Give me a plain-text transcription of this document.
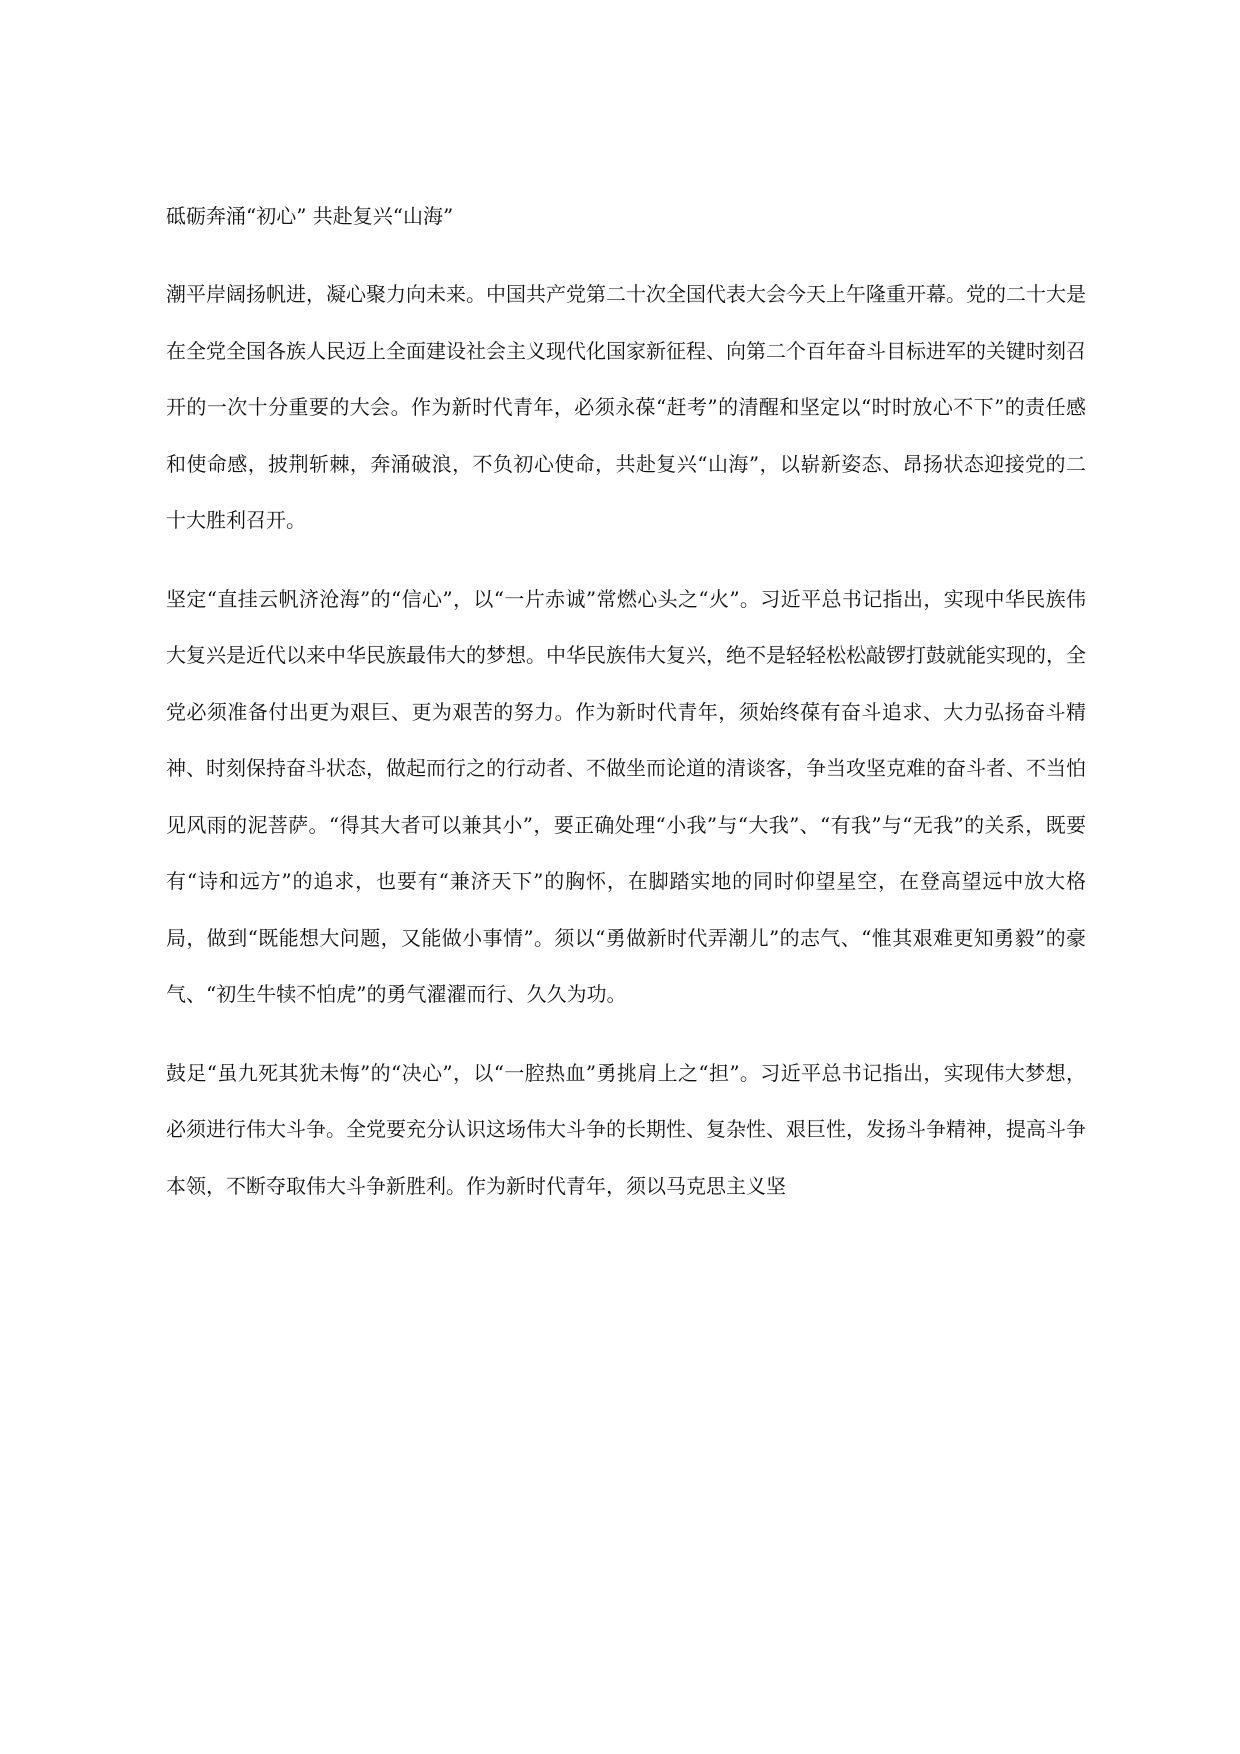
砥砺奔涌“初心” 共赴复兴“山海”

潮平岸阔扬帆进，凝心聚力向未来。中国共产党第二十次全国代表大会今天上午隆重开幕。党的二十大是在全党全国各族人民迈上全面建设社会主义现代化国家新征程、向第二个百年奋斗目标进军的关键时刻召开的一次十分重要的大会。作为新时代青年，必须永葆“赶考”的清醒和坚定以“时时放心不下”的责任感和使命感，披荆斩棘，奔涌破浪，不负初心使命，共赴复兴“山海”，以崭新姿态、昂扬状态迎接党的二十大胜利召开。

坚定“直挂云帆济沧海”的“信心”，以“一片赤诚”常燃心头之“火”。习近平总书记指出，实现中华民族伟大复兴是近代以来中华民族最伟大的梦想。中华民族伟大复兴，绝不是轻轻松松敲锣打鼓就能实现的，全党必须准备付出更为艰巨、更为艰苦的努力。作为新时代青年，须始终葆有奋斗追求、大力弘扬奋斗精神、时刻保持奋斗状态，做起而行之的行动者、不做坐而论道的清谈客，争当攻坚克难的奋斗者、不当怕见风雨的泥菩萨。“得其大者可以兼其小”，要正确处理“小我”与“大我”、“有我”与“无我”的关系，既要有“诗和远方”的追求，也要有“兼济天下”的胸怀，在脚踏实地的同时仰望星空，在登高望远中放大格局，做到“既能想大问题，又能做小事情”。须以“勇做新时代弄潮儿”的志气、“惟其艰难更知勇毅”的豪气、“初生牛犊不怕虎”的勇气濯濯而行、久久为功。

鼓足“虽九死其犹未悔”的“决心”，以“一腔热血”勇挑肩上之“担”。习近平总书记指出，实现伟大梦想，必须进行伟大斗争。全党要充分认识这场伟大斗争的长期性、复杂性、艰巨性，发扬斗争精神，提高斗争本领，不断夺取伟大斗争新胜利。作为新时代青年，须以马克思主义坚
